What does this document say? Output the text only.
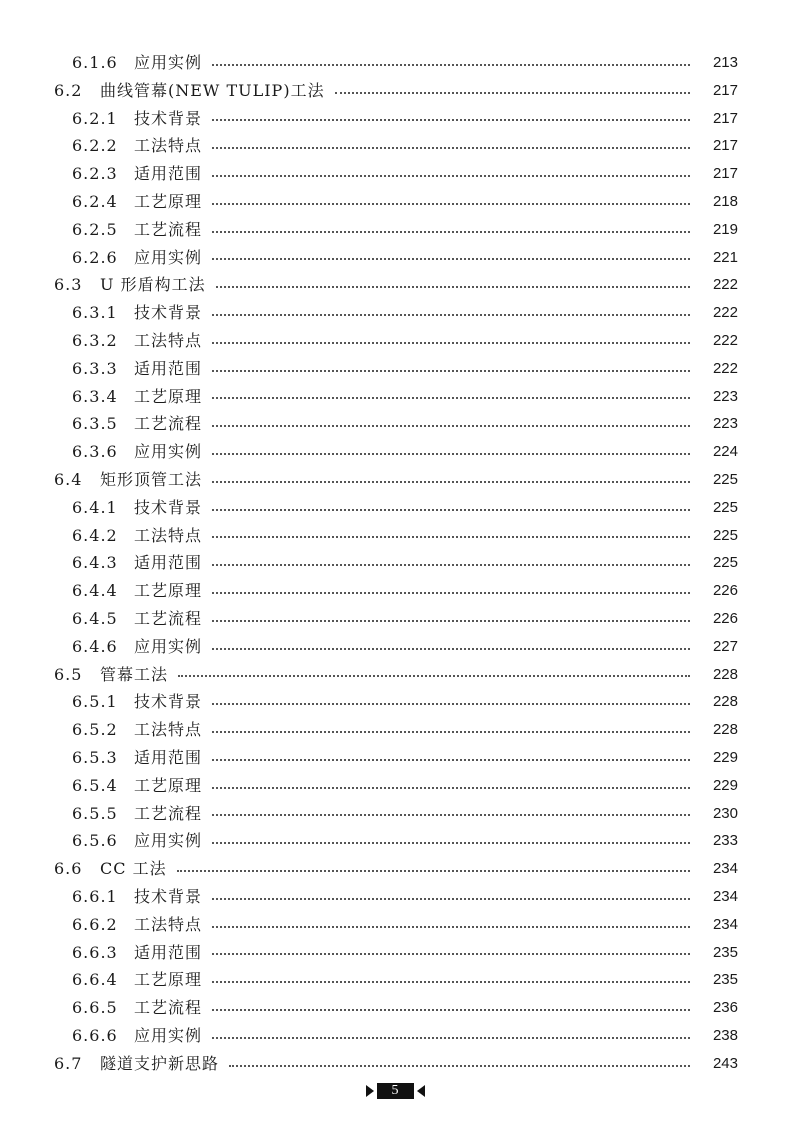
6.1.6	应用实例	213
6.2	曲线管幕(NEW TULIP)工法	217
6.2.1	技术背景	217
6.2.2	工法特点	217
6.2.3	适用范围	217
6.2.4	工艺原理	218
6.2.5	工艺流程	219
6.2.6	应用实例	221
6.3	U 形盾构工法	222
6.3.1	技术背景	222
6.3.2	工法特点	222
6.3.3	适用范围	222
6.3.4	工艺原理	223
6.3.5	工艺流程	223
6.3.6	应用实例	224
6.4	矩形顶管工法	225
6.4.1	技术背景	225
6.4.2	工法特点	225
6.4.3	适用范围	225
6.4.4	工艺原理	226
6.4.5	工艺流程	226
6.4.6	应用实例	227
6.5	管幕工法	228
6.5.1	技术背景	228
6.5.2	工法特点	228
6.5.3	适用范围	229
6.5.4	工艺原理	229
6.5.5	工艺流程	230
6.5.6	应用实例	233
6.6	CC 工法	234
6.6.1	技术背景	234
6.6.2	工法特点	234
6.6.3	适用范围	235
6.6.4	工艺原理	235
6.6.5	工艺流程	236
6.6.6	应用实例	238
6.7	隧道支护新思路	243
5
